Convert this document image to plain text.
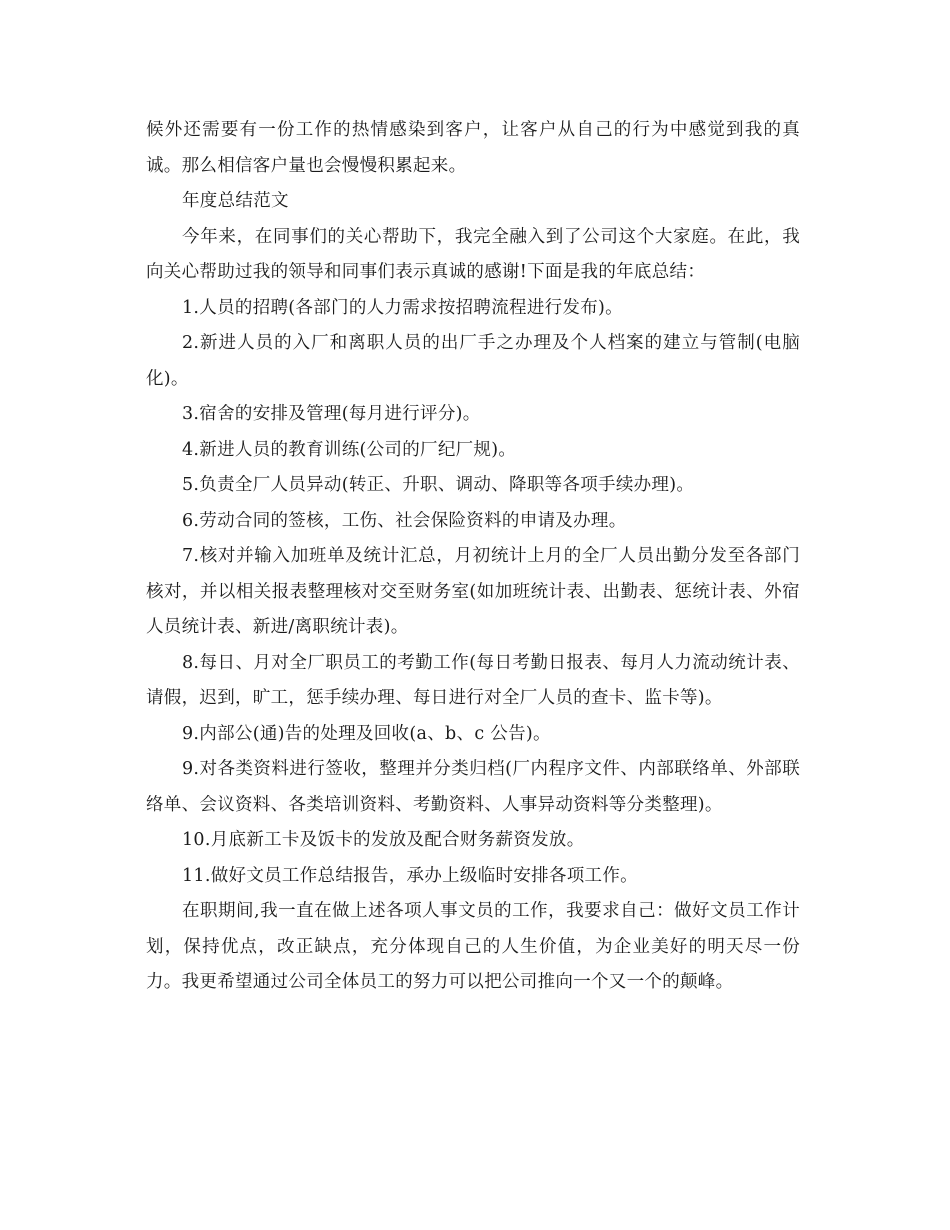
候外还需要有一份工作的热情感染到客户，让客户从自己的行为中感觉到我的真诚。那么相信客户量也会慢慢积累起来。

年度总结范文

今年来，在同事们的关心帮助下，我完全融入到了公司这个大家庭。在此，我向关心帮助过我的领导和同事们表示真诚的感谢!下面是我的年底总结：

1.人员的招聘(各部门的人力需求按招聘流程进行发布)。

2.新进人员的入厂和离职人员的出厂手之办理及个人档案的建立与管制(电脑化)。

3.宿舍的安排及管理(每月进行评分)。

4.新进人员的教育训练(公司的厂纪厂规)。

5.负责全厂人员异动(转正、升职、调动、降职等各项手续办理)。

6.劳动合同的签核，工伤、社会保险资料的申请及办理。

7.核对并输入加班单及统计汇总，月初统计上月的全厂人员出勤分发至各部门核对，并以相关报表整理核对交至财务室(如加班统计表、出勤表、惩统计表、外宿人员统计表、新进/离职统计表)。

8.每日、月对全厂职员工的考勤工作(每日考勤日报表、每月人力流动统计表、请假，迟到，旷工，惩手续办理、每日进行对全厂人员的查卡、监卡等)。

9.内部公(通)告的处理及回收(a、b、c 公告)。

9.对各类资料进行签收，整理并分类归档(厂内程序文件、内部联络单、外部联络单、会议资料、各类培训资料、考勤资料、人事异动资料等分类整理)。

10.月底新工卡及饭卡的发放及配合财务薪资发放。

11.做好文员工作总结报告，承办上级临时安排各项工作。

在职期间,我一直在做上述各项人事文员的工作，我要求自己：做好文员工作计划，保持优点，改正缺点，充分体现自己的人生价值，为企业美好的明天尽一份力。我更希望通过公司全体员工的努力可以把公司推向一个又一个的颠峰。
